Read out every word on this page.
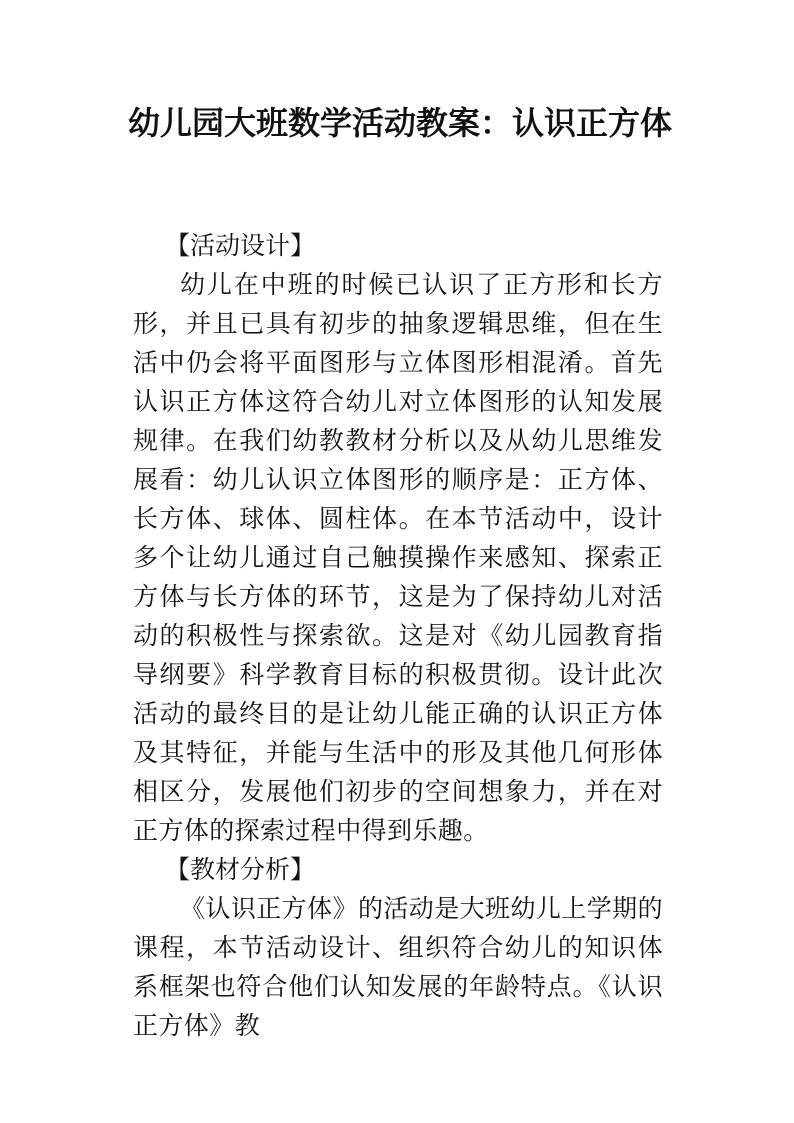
幼儿园大班数学活动教案：认识正方体

【活动设计】

幼儿在中班的时候已认识了正方形和长方形，并且已具有初步的抽象逻辑思维，但在生活中仍会将平面图形与立体图形相混淆。首先认识正方体这符合幼儿对立体图形的认知发展规律。在我们幼教教材分析以及从幼儿思维发展看：幼儿认识立体图形的顺序是：正方体、长方体、球体、圆柱体。在本节活动中，设计多个让幼儿通过自己触摸操作来感知、探索正方体与长方体的环节，这是为了保持幼儿对活动的积极性与探索欲。这是对《幼儿园教育指导纲要》科学教育目标的积极贯彻。设计此次活动的最终目的是让幼儿能正确的认识正方体及其特征，并能与生活中的形及其他几何形体相区分，发展他们初步的空间想象力，并在对正方体的探索过程中得到乐趣。

【教材分析】

《认识正方体》的活动是大班幼儿上学期的课程，本节活动设计、组织符合幼儿的知识体系框架也符合他们认知发展的年龄特点。《认识正方体》教
